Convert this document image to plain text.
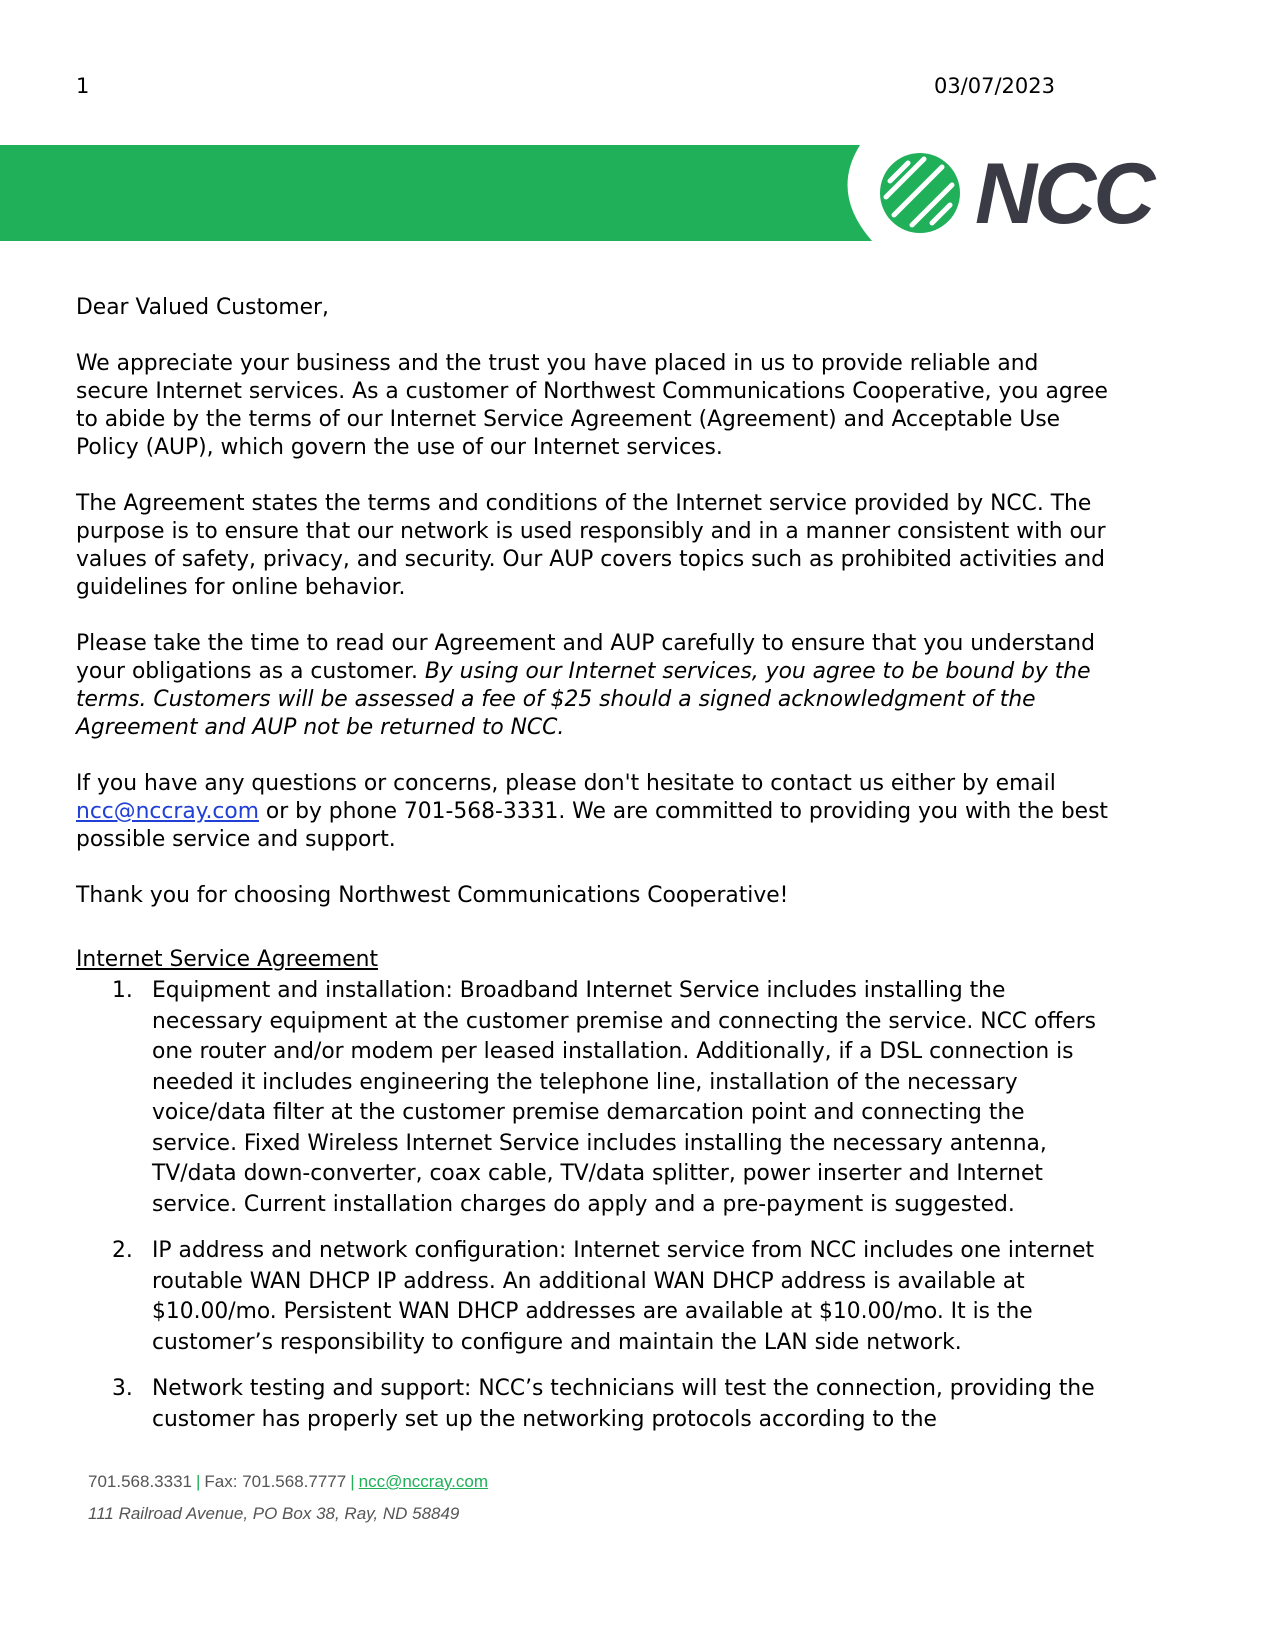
1	03/07/2023
NCC

Dear Valued Customer,

We appreciate your business and the trust you have placed in us to provide reliable and secure Internet services. As a customer of Northwest Communications Cooperative, you agree to abide by the terms of our Internet Service Agreement (Agreement) and Acceptable Use Policy (AUP), which govern the use of our Internet services.

The Agreement states the terms and conditions of the Internet service provided by NCC. The purpose is to ensure that our network is used responsibly and in a manner consistent with our values of safety, privacy, and security. Our AUP covers topics such as prohibited activities and guidelines for online behavior.

Please take the time to read our Agreement and AUP carefully to ensure that you understand your obligations as a customer. By using our Internet services, you agree to be bound by the terms. Customers will be assessed a fee of $25 should a signed acknowledgment of the Agreement and AUP not be returned to NCC.

If you have any questions or concerns, please don't hesitate to contact us either by email ncc@nccray.com or by phone 701-568-3331. We are committed to providing you with the best possible service and support.

Thank you for choosing Northwest Communications Cooperative!

Internet Service Agreement
1. Equipment and installation: Broadband Internet Service includes installing the necessary equipment at the customer premise and connecting the service. NCC offers one router and/or modem per leased installation. Additionally, if a DSL connection is needed it includes engineering the telephone line, installation of the necessary voice/data filter at the customer premise demarcation point and connecting the service. Fixed Wireless Internet Service includes installing the necessary antenna, TV/data down-converter, coax cable, TV/data splitter, power inserter and Internet service. Current installation charges do apply and a pre-payment is suggested.
2. IP address and network configuration: Internet service from NCC includes one internet routable WAN DHCP IP address. An additional WAN DHCP address is available at $10.00/mo. Persistent WAN DHCP addresses are available at $10.00/mo. It is the customer’s responsibility to configure and maintain the LAN side network.
3. Network testing and support: NCC’s technicians will test the connection, providing the customer has properly set up the networking protocols according to the
701.568.3331 | Fax: 701.568.7777 | ncc@nccray.com
111 Railroad Avenue, PO Box 38, Ray, ND 58849
